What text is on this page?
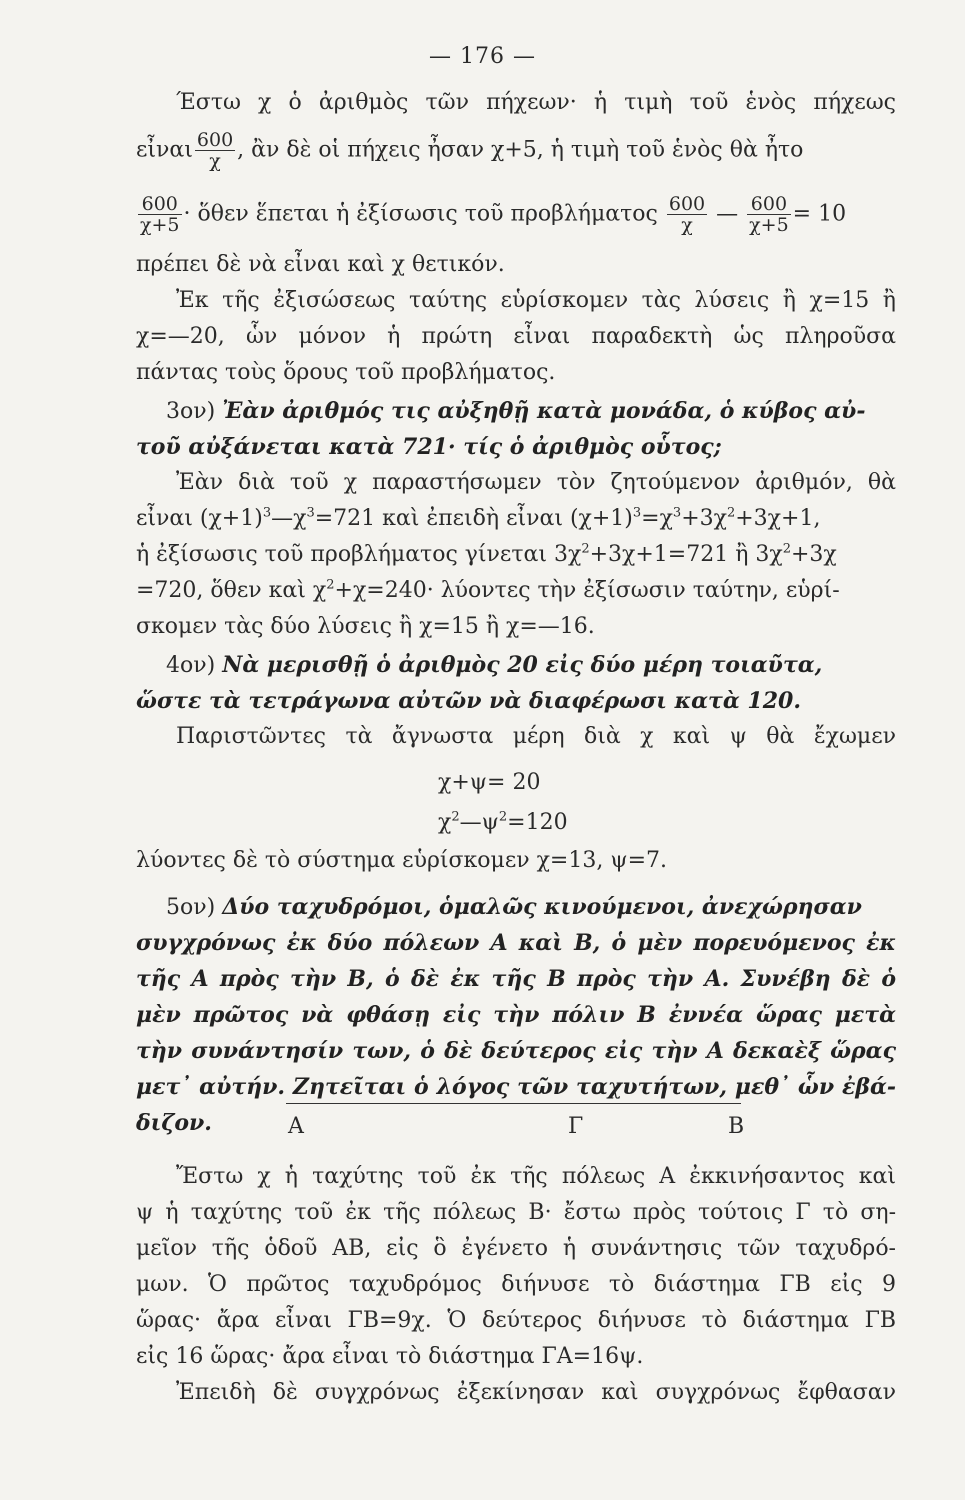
— 176 —
Έστω χ ὁ ἀριθμὸς τῶν πήχεων· ἡ τιμὴ τοῦ ἑνὸς πήχεως
εἶναι $\frac{600}{\chi}$ , ἂν δὲ οἱ πήχεις ἦσαν χ+5, ἡ τιμὴ τοῦ ἑνὸς θὰ ἦτο
$\frac{600}{\chi+5}$ · ὅθεν ἕπεται ἡ ἐξίσωσις τοῦ προβλήματος $\frac{600}{\chi}$ — $\frac{600}{\chi+5} = 10$
πρέπει δὲ νὰ εἶναι καὶ χ θετικόν.
Ἐκ τῆς ἐξισώσεως ταύτης εὑρίσκομεν τὰς λύσεις ἢ χ=15 ἢ
χ=—20, ὧν μόνον ἡ πρώτη εἶναι παραδεκτὴ ὡς πληροῦσα
πάντας τοὺς ὅρους τοῦ προβλήματος.
3ον) Ἐὰν ἀριθμός τις αὐξηθῇ κατὰ μονάδα, ὁ κύβος αὐ-
τοῦ αὐξάνεται κατὰ 721· τίς ὁ ἀριθμὸς οὗτος;
Ἐὰν διὰ τοῦ χ παραστήσωμεν τὸν ζητούμενον ἀριθμόν, θὰ
εἶναι $(\chi+1)^3—\chi^3=721$ καὶ ἐπειδὴ εἶναι $(\chi+1)^3=\chi^3+3\chi^2+3\chi+1$,
ἡ ἐξίσωσις τοῦ προβλήματος γίνεται $3\chi^2+3\chi+1=721$ ἢ $3\chi^2+3\chi$
=720, ὅθεν καὶ $\chi^2+\chi=240\cdot \lambda ύo\nu\tau\varepsilon\varsigma$ τὴν ἐξίσωσιν ταύτην, εὑρί-
σκομεν τὰς δύο λύσεις ἢ χ=15 ἢ χ=—16.
4ον) Νὰ μερισθῇ ὁ ἀριθμὸς 20 εἰς δύο μέρη τοιαῦτα,
ὥστε τὰ τετράγωνα αὐτῶν νὰ διαφέρωσι κατὰ 120.
Παριστῶντες τὰ ἄγνωστα μέρη διὰ χ καὶ ψ θὰ ἔχωμεν
χ+ψ= 20
$\chi^2—\psi^2=120$
λύοντες δὲ τὸ σύστημα εὑρίσκομεν χ=13, ψ=7.
5ον) Δύο ταχυδρόμοι, ὁμαλῶς κινούμενοι, ἀνεχώρησαν
συγχρόνως ἐκ δύο πόλεων Α καὶ Β, ὁ μὲν πορευόμενος ἐκ
τῆς Α πρὸς τὴν Β, ὁ δὲ ἐκ τῆς Β πρὸς τὴν Α. Συνέβη δὲ ὁ
μὲν πρῶτος νὰ φθάσῃ εἰς τὴν πόλιν Β ἐννέα ὥρας μετὰ
τὴν συνάντησίν των, ὁ δὲ δεύτερος εἰς τὴν Α δεκαὲξ ὥρας
μετ᾿ αὐτήν. Ζητεῖται ὁ λόγος τῶν ταχυτήτων, μεθ᾿ ὧν ἐβά-
διζον.	Α	Γ	Β
Ἔστω χ ἡ ταχύτης τοῦ ἐκ τῆς πόλεως Α ἐκκινήσαντος καὶ
ψ ἡ ταχύτης τοῦ ἐκ τῆς πόλεως Β· ἔστω πρὸς τούτοις Γ τὸ ση-
μεῖον τῆς ὁδοῦ ΑΒ, εἰς ὃ ἐγένετο ἡ συνάντησις τῶν ταχυδρό-
μων. Ὁ πρῶτος ταχυδρόμος διήνυσε τὸ διάστημα ΓΒ εἰς 9
ὥρας· ἄρα εἶναι ΓΒ=9χ. Ὁ δεύτερος διήνυσε τὸ διάστημα ΓΒ
εἰς 16 ὥρας· ἄρα εἶναι τὸ διάστημα ΓΑ=16ψ.
Ἐπειδὴ δὲ συγχρόνως ἐξεκίνησαν καὶ συγχρόνως ἔφθασαν
